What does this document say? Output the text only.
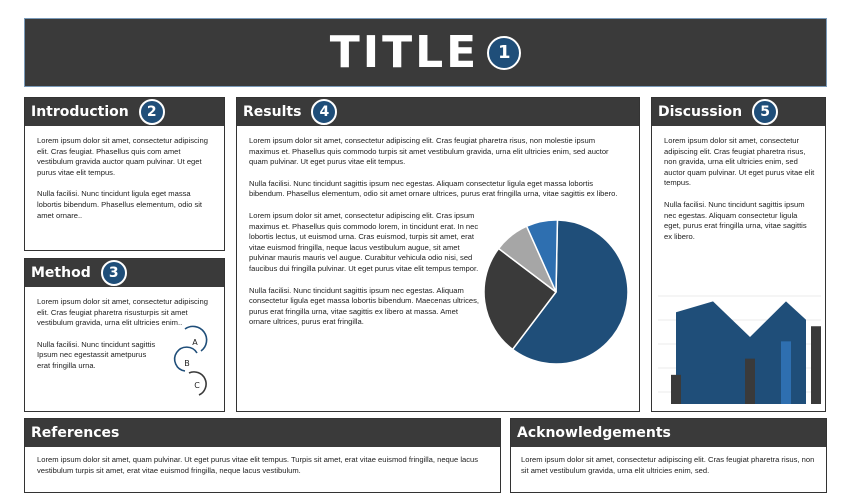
TITLE	1
Introduction	2

Lorem ipsum dolor sit amet, consectetur adipiscing elit. Cras feugiat. Phasellus quis com amet vestibulum gravida auctor quam pulvinar. Ut eget purus vitae elit tempus.

Nulla facilisi. Nunc tincidunt ligula eget massa lobortis bibendum. Phasellus elementum, odio sit amet ornare..

Method	3

Lorem ipsum dolor sit amet, consectetur adipiscing elit. Cras feugiat pharetra risusturpis sit amet vestibulum gravida, urna elit ultricies enim..

Nulla facilisi. Nunc tincidunt sagittis Ipsum nec egestassit ametpurus erat fringilla urna.

A
B
C
Results	4

Lorem ipsum dolor sit amet, consectetur adipiscing elit. Cras feugiat pharetra risus, non molestie ipsum maximus et. Phasellus quis commodo turpis sit amet vestibulum gravida, urna elit ultricies enim, sed auctor quam pulvinar. Ut eget purus vitae elit tempus.

Nulla facilisi. Nunc tincidunt sagittis ipsum nec egestas. Aliquam consectetur ligula eget massa lobortis bibendum. Phasellus elementum, odio sit amet ornare ultrices, purus erat fringilla urna, vitae sagittis ex libero.

Lorem ipsum dolor sit amet, consectetur adipiscing elit. Cras ipsum maximus et. Phasellus quis commodo lorem, in tincidunt erat. In nec lobortis lectus, ut euismod urna. Cras euismod, turpis sit amet, erat vitae euismod fringilla, neque lacus vestibulum augue, sit amet pulvinar mauris mauris vel augue. Curabitur vehicula odio nisi, sed faucibus dui fringilla pulvinar. Ut eget purus vitae elit tempus tempor.

Nulla facilisi. Nunc tincidunt sagittis ipsum nec egestas. Aliquam consectetur ligula eget massa lobortis bibendum. Maecenas ultrices, purus erat fringilla urna, vitae sagittis ex libero at massa. Amet ornare ultrices, purus erat fringilla.

Discussion	5

Lorem ipsum dolor sit amet, consectetur adipiscing elit. Cras feugiat pharetra risus, non gravida, urna elit ultricies enim, sed auctor quam pulvinar. Ut eget purus vitae elit tempus.

Nulla facilisi. Nunc tincidunt sagittis ipsum nec egestas. Aliquam consectetur ligula eget, purus erat fringilla urna, vitae sagittis ex libero.

References

Lorem ipsum dolor sit amet, quam pulvinar. Ut eget purus vitae elit tempus. Turpis sit amet, erat vitae euismod fringilla, neque lacus vestibulum turpis sit amet, erat vitae euismod fringilla, neque lacus vestibulum.

Acknowledgements

Lorem ipsum dolor sit amet, consectetur adipiscing elit. Cras feugiat pharetra risus, non sit amet vestibulum gravida, urna elit ultricies enim, sed.
